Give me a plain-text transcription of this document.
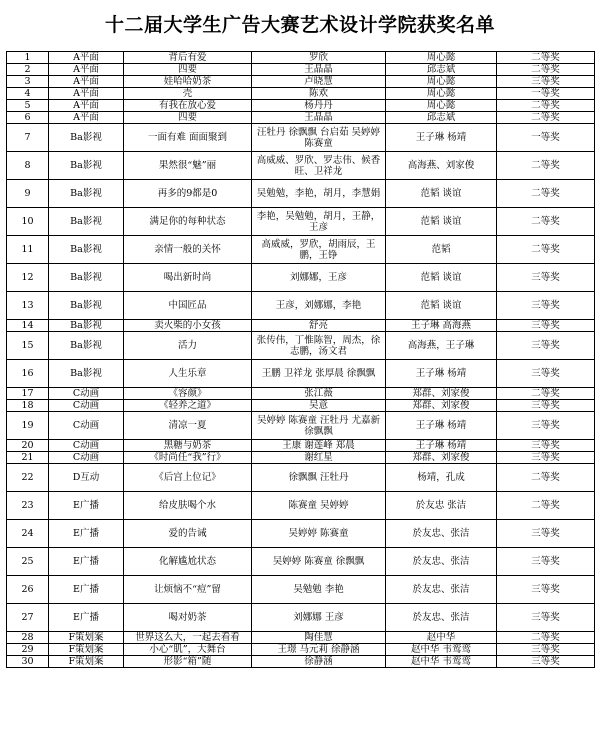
十二届大学生广告大赛艺术设计学院获奖名单
1	A平面	背后有爱	罗欣	周心懿	二等奖
2	A平面	四要	王晶晶	邱志斌	二等奖
3	A平面	娃哈哈奶茶	卢晓慧	周心懿	三等奖
4	A平面	壳	陈欢	周心懿	一等奖
5	A平面	有我在放心爱	杨丹丹	周心懿	二等奖
6	A平面	四要	王晶晶	邱志斌	二等奖
7	Ba影视	一面有难 面面聚到	汪牡丹 徐飘飘 台启茹 吴婷婷 陈赛童	王子琳 杨靖	一等奖
8	Ba影视	果然很“魅”丽	高威威、罗欣、罗志伟、候香旺、卫祥龙	高海燕、刘家俊	二等奖
9	Ba影视	再多的9都是0	吴勉勉，李艳，胡月，李慧娟	范韬 谈谊	二等奖
10	Ba影视	满足你的每种状态	李艳，吴勉勉，胡月，王静，王彦	范韬 谈谊	二等奖
11	Ba影视	亲情一般的关怀	高威威，罗欣，胡雨辰，王鹏，王铮	范韬	二等奖
12	Ba影视	喝出新时尚	刘娜娜，王彦	范韬 谈谊	三等奖
13	Ba影视	中国匠品	王彦，刘娜娜，李艳	范韬 谈谊	三等奖
14	Ba影视	卖火柴的小女孩	舒亮	王子琳 高海燕	三等奖
15	Ba影视	活力	张传伟，丁惟陈智，周杰，徐志鹏，汤文君	高海燕，王子琳	三等奖
16	Ba影视	人生乐章	王鹏 卫祥龙 张厚晨 徐飘飘	王子琳 杨靖	三等奖
17	C动画	《容颜》	张江薇	郑群、刘家俊	二等奖
18	C动画	《轻养之道》	吴意	郑群、刘家俊	三等奖
19	C动画	清凉一夏	吴婷婷 陈赛童 汪牡丹 尤嘉新 徐飘飘	王子琳 杨靖	三等奖
20	C动画	黑糖与奶茶	王康 谢莲峰 郑晨	王子琳 杨靖	三等奖
21	C动画	《时尚任“我”行》	谢红星	郑群、刘家俊	三等奖
22	D互动	《后宫上位记》	徐飘飘 汪牡丹	杨靖，孔成	二等奖
23	E广播	给皮肤喝个水	陈赛童 吴婷婷	於友忠 张洁	二等奖
24	E广播	爱的告诫	吴婷婷 陈赛童	於友忠、张洁	三等奖
25	E广播	化解尴尬状态	吴婷婷 陈赛童 徐飘飘	於友忠、张洁	三等奖
26	E广播	让烦恼不“痘”留	吴勉勉 李艳	於友忠、张洁	三等奖
27	E广播	喝对奶茶	刘娜娜 王彦	於友忠、张洁	三等奖
28	F策划案	世界这么大，一起去看看	陶佳慧	赵中华	二等奖
29	F策划案	小心“肌”，大舞台	王璟 马元莉 徐静涵	赵中华 韦鸾鸾	三等奖
30	F策划案	形影“箱”随	徐静涵	赵中华 韦鸾鸾	三等奖
